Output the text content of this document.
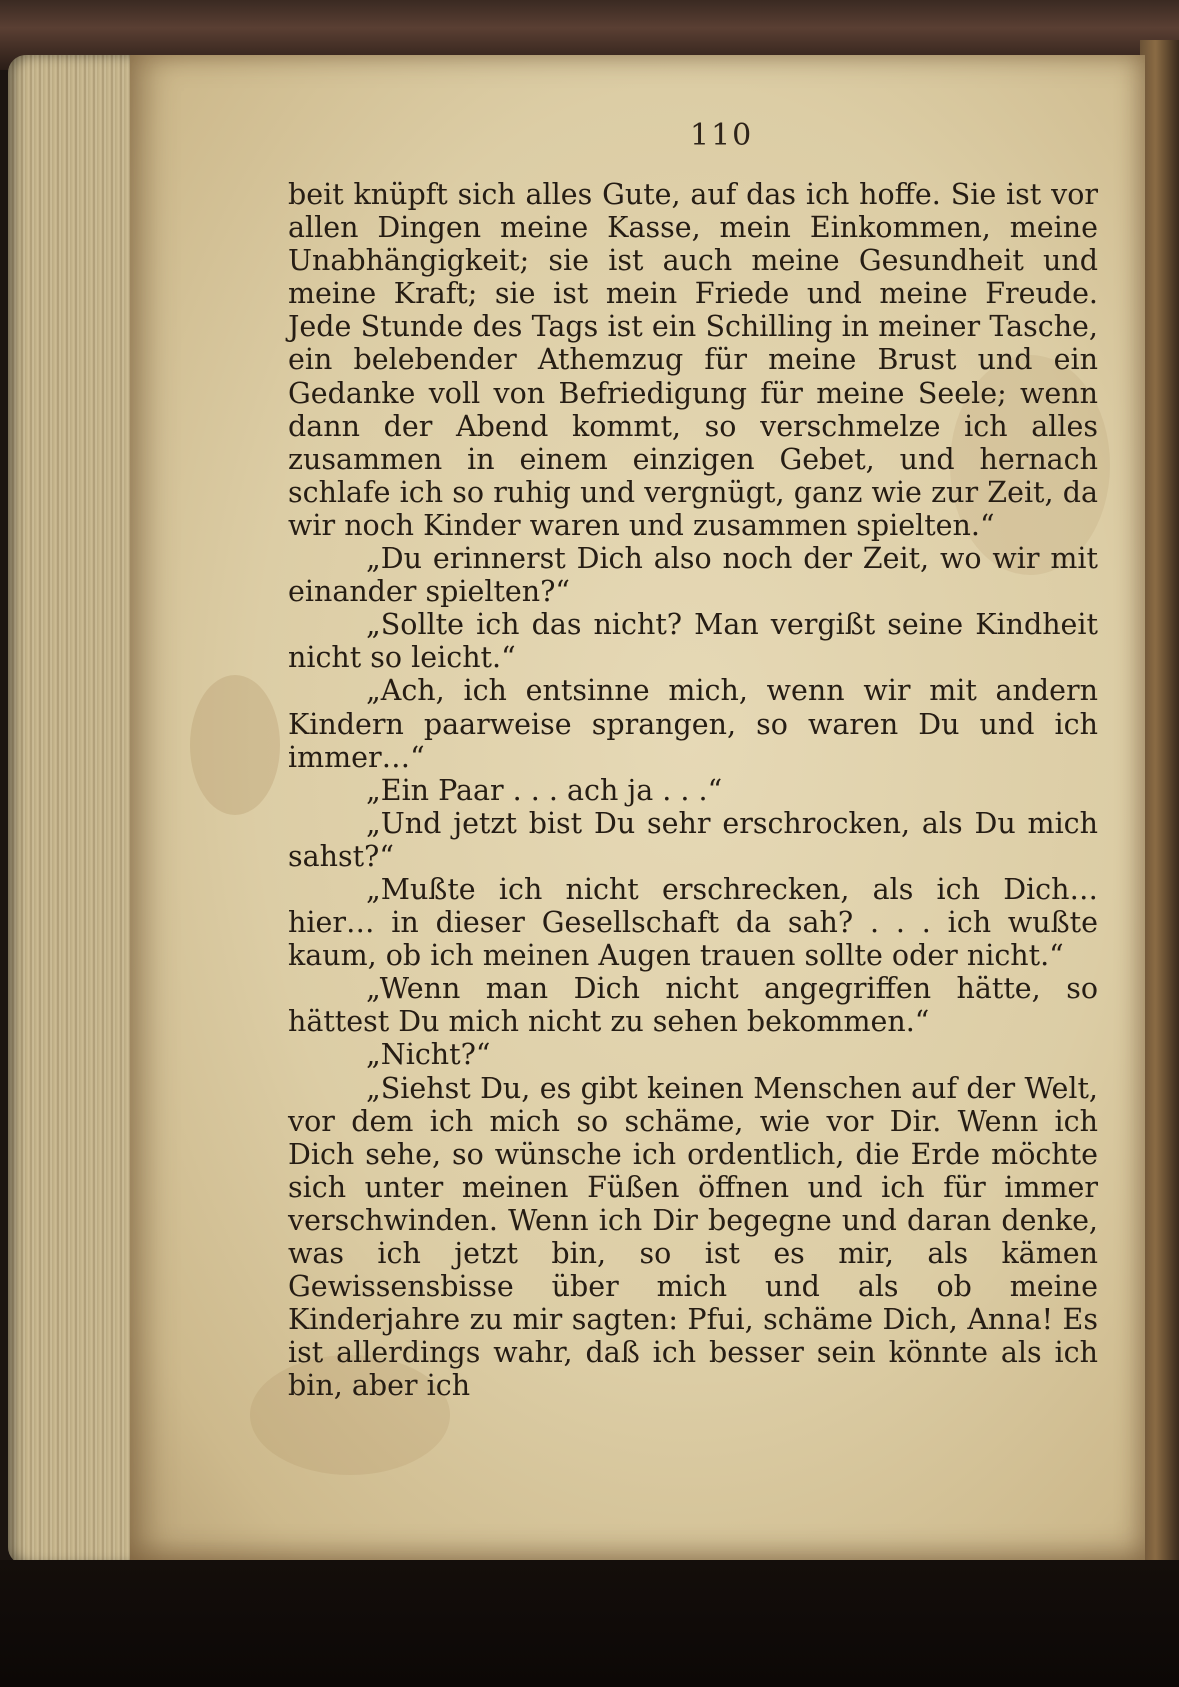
110

beit knüpft sich alles Gute, auf das ich hoffe. Sie ist vor allen Dingen meine Kasse, mein Einkommen, meine Unabhängigkeit; sie ist auch meine Gesundheit und meine Kraft; sie ist mein Friede und meine Freude. Jede Stunde des Tags ist ein Schilling in meiner Tasche, ein belebender Athemzug für meine Brust und ein Gedanke voll von Befriedigung für meine Seele; wenn dann der Abend kommt, so verschmelze ich alles zusammen in einem einzigen Gebet, und hernach schlafe ich so ruhig und vergnügt, ganz wie zur Zeit, da wir noch Kinder waren und zusammen spielten.“

„Du erinnerst Dich also noch der Zeit, wo wir mit einander spielten?“

„Sollte ich das nicht? Man vergißt seine Kindheit nicht so leicht.“

„Ach, ich entsinne mich, wenn wir mit andern Kindern paarweise sprangen, so waren Du und ich immer…“

„Ein Paar . . . ach ja . . .“

„Und jetzt bist Du sehr erschrocken, als Du mich sahst?“

„Mußte ich nicht erschrecken, als ich Dich… hier… in dieser Gesellschaft da sah? . . . ich wußte kaum, ob ich meinen Augen trauen sollte oder nicht.“

„Wenn man Dich nicht angegriffen hätte, so hättest Du mich nicht zu sehen bekommen.“

„Nicht?“

„Siehst Du, es gibt keinen Menschen auf der Welt, vor dem ich mich so schäme, wie vor Dir. Wenn ich Dich sehe, so wünsche ich ordentlich, die Erde möchte sich unter meinen Füßen öffnen und ich für immer verschwinden. Wenn ich Dir begegne und daran denke, was ich jetzt bin, so ist es mir, als kämen Gewissensbisse über mich und als ob meine Kinderjahre zu mir sagten: Pfui, schäme Dich, Anna! Es ist allerdings wahr, daß ich besser sein könnte als ich bin, aber ich
